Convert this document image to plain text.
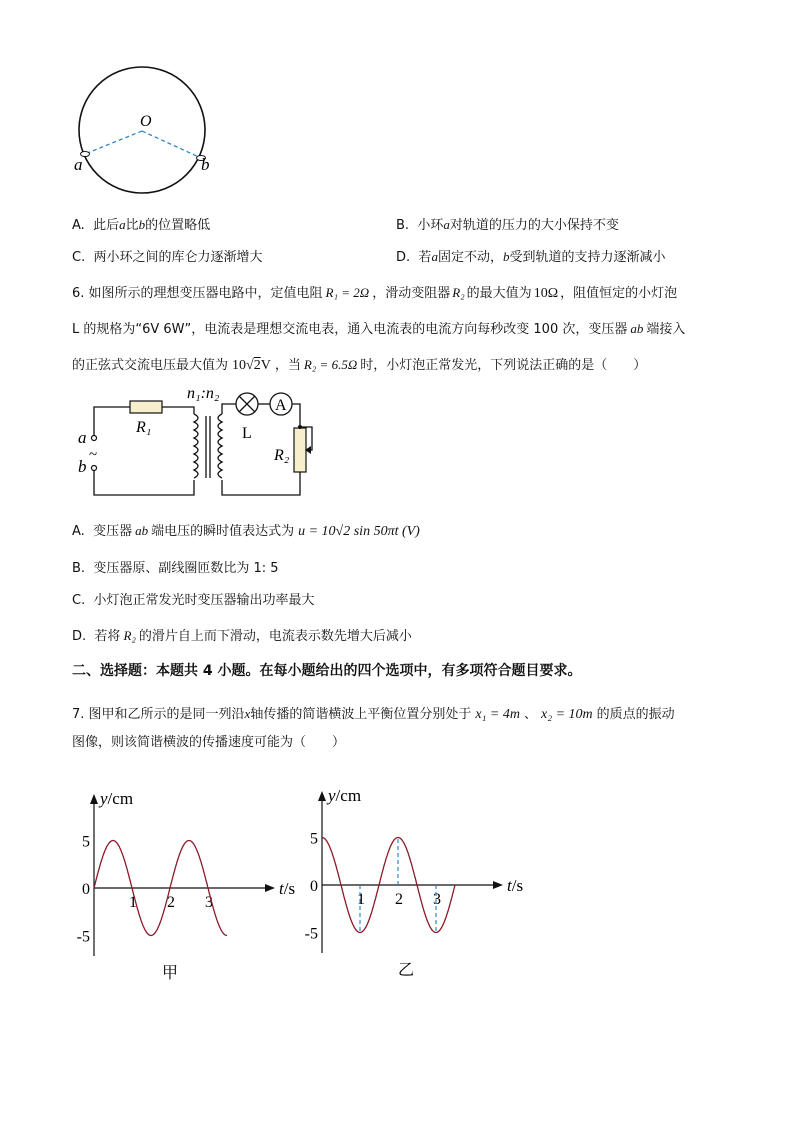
O
a	b
A. 此后a比b的位置略低	B. 小环a对轨道的压力的大小保持不变
C. 两小环之间的库仑力逐渐增大	D. 若a固定不动，b受到轨道的支持力逐渐减小
6. 如图所示的理想变压器电路中，定值电阻 R₁ = 2Ω ，滑动变阻器 R₂ 的最大值为 10Ω ，阻值恒定的小灯泡
L 的规格为“6V 6W”，电流表是理想交流电表，通入电流表的电流方向每秒改变 100 次，变压器 ab 端接入
的正弦式交流电压最大值为 10√2V ，当 R₂ = 6.5Ω 时，小灯泡正常发光，下列说法正确的是（　　）
A
n₁:n₂
R₁	L
R₂
a
b
~
A. 变压器 ab 端电压的瞬时值表达式为 u = 10√2 sin 50πt (V)
B. 变压器原、副线圈匝数比为 1: 5
C. 小灯泡正常发光时变压器输出功率最大
D. 若将 R₂ 的滑片自上而下滑动，电流表示数先增大后减小
二、选择题：本题共 4 小题。在每小题给出的四个选项中，有多项符合题目要求。
7. 图甲和乙所示的是同一列沿x轴传播的简谐横波上平衡位置分别处于 x₁ = 4m 、 x₂ = 10m 的质点的振动
图像，则该简谐横波的传播速度可能为（　　）
y/cm
t/s
5
0
-5
1 2 3
甲
y/cm
t/s
5
0
-5
1 2 3
乙
